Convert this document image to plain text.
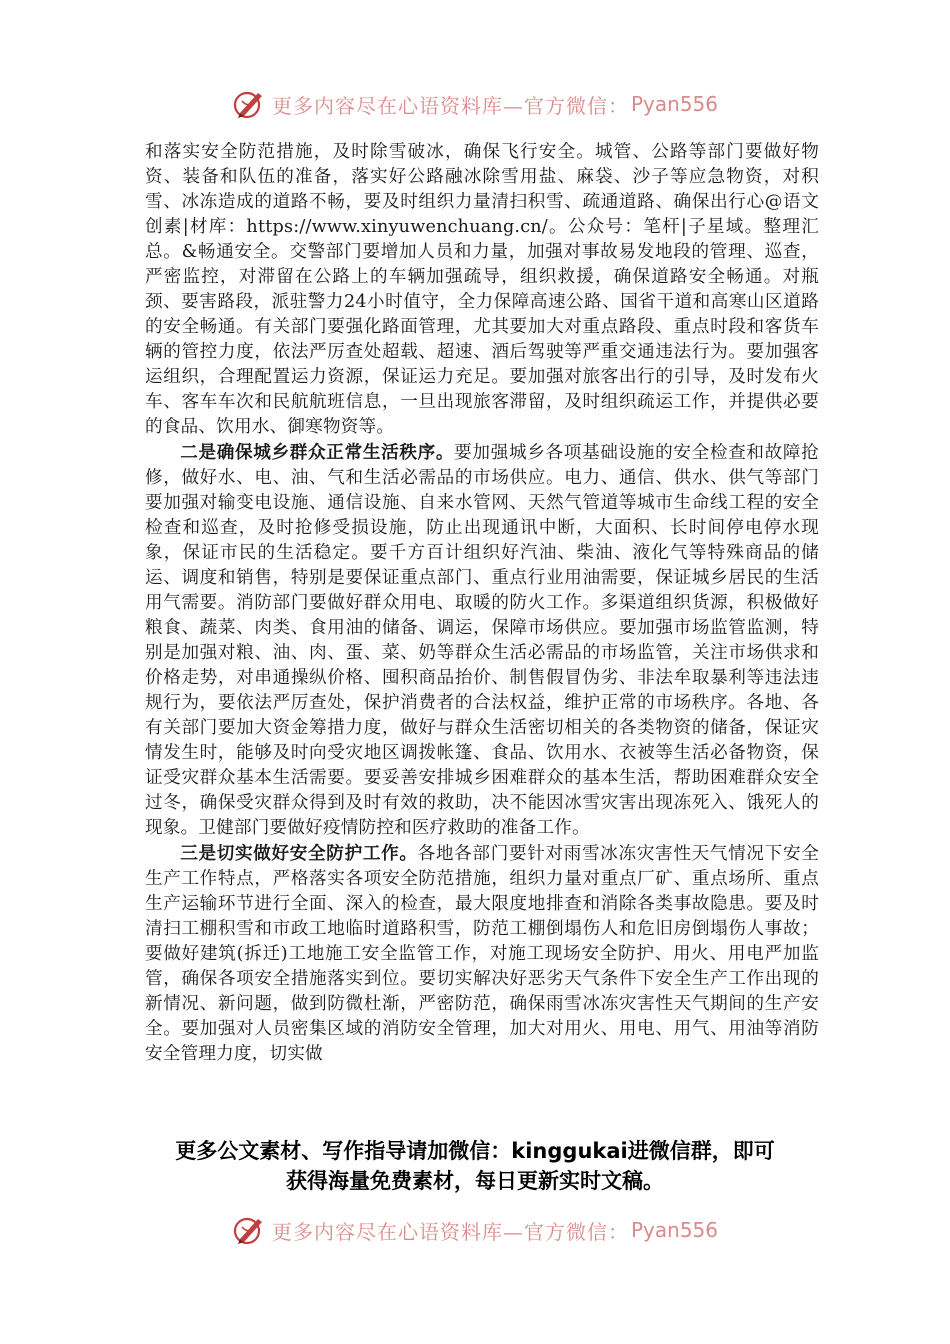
更多内容尽在心语资料库—官方微信： Pyan556

和落实安全防范措施，及时除雪破冰，确保飞行安全。城管、公路等部门要做好物资、装备和队伍的准备，落实好公路融冰除雪用盐、麻袋、沙子等应急物资，对积雪、冰冻造成的道路不畅，要及时组织力量清扫积雪、疏通道路、确保出行心@语文创素|材库：https://www.xinyuwenchuang.cn/。公众号：笔杆|子星域。整理汇总。&畅通安全。交警部门要增加人员和力量，加强对事故易发地段的管理、巡查，严密监控，对滞留在公路上的车辆加强疏导，组织救援，确保道路安全畅通。对瓶颈、要害路段，派驻警力24小时值守，全力保障高速公路、国省干道和高寒山区道路的安全畅通。有关部门要强化路面管理，尤其要加大对重点路段、重点时段和客货车辆的管控力度，依法严厉查处超载、超速、酒后驾驶等严重交通违法行为。要加强客运组织，合理配置运力资源，保证运力充足。要加强对旅客出行的引导，及时发布火车、客车车次和民航航班信息，一旦出现旅客滞留，及时组织疏运工作，并提供必要的食品、饮用水、御寒物资等。

二是确保城乡群众正常生活秩序。要加强城乡各项基础设施的安全检查和故障抢修，做好水、电、油、气和生活必需品的市场供应。电力、通信、供水、供气等部门要加强对输变电设施、通信设施、自来水管网、天然气管道等城市生命线工程的安全检查和巡查，及时抢修受损设施，防止出现通讯中断，大面积、长时间停电停水现象，保证市民的生活稳定。要千方百计组织好汽油、柴油、液化气等特殊商品的储运、调度和销售，特别是要保证重点部门、重点行业用油需要，保证城乡居民的生活用气需要。消防部门要做好群众用电、取暖的防火工作。多渠道组织货源，积极做好粮食、蔬菜、肉类、食用油的储备、调运，保障市场供应。要加强市场监管监测，特别是加强对粮、油、肉、蛋、菜、奶等群众生活必需品的市场监管，关注市场供求和价格走势，对串通操纵价格、囤积商品抬价、制售假冒伪劣、非法牟取暴利等违法违规行为，要依法严厉查处，保护消费者的合法权益，维护正常的市场秩序。各地、各有关部门要加大资金筹措力度，做好与群众生活密切相关的各类物资的储备，保证灾情发生时，能够及时向受灾地区调拨帐篷、食品、饮用水、衣被等生活必备物资，保证受灾群众基本生活需要。要妥善安排城乡困难群众的基本生活，帮助困难群众安全过冬，确保受灾群众得到及时有效的救助，决不能因冰雪灾害出现冻死入、饿死人的现象。卫健部门要做好疫情防控和医疗救助的准备工作。

三是切实做好安全防护工作。各地各部门要针对雨雪冰冻灾害性天气情况下安全生产工作特点，严格落实各项安全防范措施，组织力量对重点厂矿、重点场所、重点生产运输环节进行全面、深入的检查，最大限度地排查和消除各类事故隐患。要及时清扫工棚积雪和市政工地临时道路积雪，防范工棚倒塌伤人和危旧房倒塌伤人事故；要做好建筑(拆迁)工地施工安全监管工作，对施工现场安全防护、用火、用电严加监管，确保各项安全措施落实到位。要切实解决好恶劣天气条件下安全生产工作出现的新情况、新问题，做到防微杜渐，严密防范，确保雨雪冰冻灾害性天气期间的生产安全。要加强对人员密集区域的消防安全管理，加大对用火、用电、用气、用油等消防安全管理力度，切实做

更多公文素材、写作指导请加微信：kinggukai进微信群，即可
获得海量免费素材，每日更新实时文稿。
更多内容尽在心语资料库—官方微信： Pyan556
